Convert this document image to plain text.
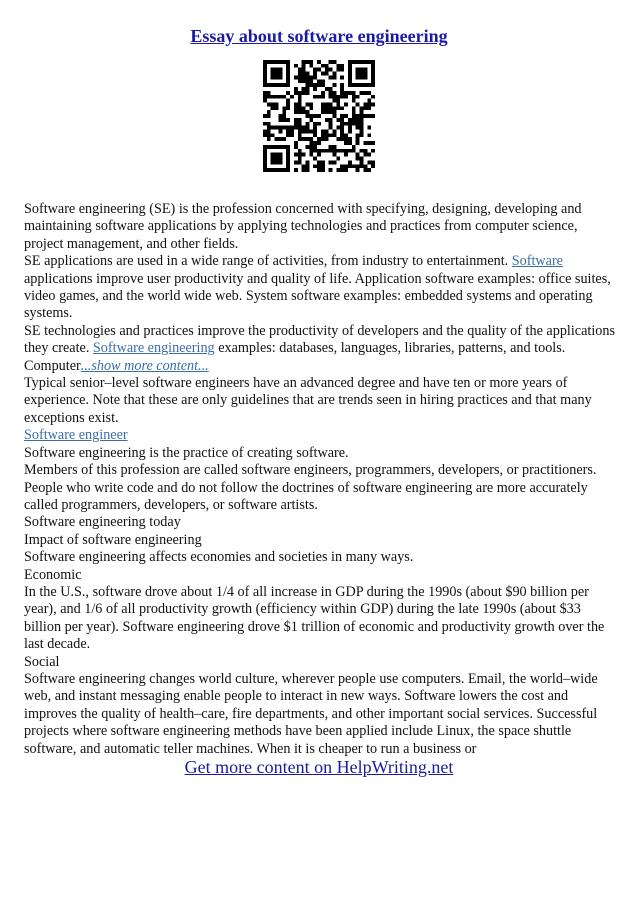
Essay about software engineering

Software engineering (SE) is the profession concerned with specifying, designing, developing and maintaining software applications by applying technologies and practices from computer science, project management, and other fields.

SE applications are used in a wide range of activities, from industry to entertainment. Software applications improve user productivity and quality of life. Application software examples: office suites, video games, and the world wide web. System software examples: embedded systems and operating systems.

SE technologies and practices improve the productivity of developers and the quality of the applications they create. Software engineering examples: databases, languages, libraries, patterns, and tools. Computer...show more content...

Typical senior–level software engineers have an advanced degree and have ten or more years of experience. Note that these are only guidelines that are trends seen in hiring practices and that many exceptions exist.

Software engineer

Software engineering is the practice of creating software.

Members of this profession are called software engineers, programmers, developers, or practitioners. People who write code and do not follow the doctrines of software engineering are more accurately called programmers, developers, or software artists.

Software engineering today

Impact of software engineering

Software engineering affects economies and societies in many ways.

Economic

In the U.S., software drove about 1/4 of all increase in GDP during the 1990s (about $90 billion per year), and 1/6 of all productivity growth (efficiency within GDP) during the late 1990s (about $33 billion per year). Software engineering drove $1 trillion of economic and productivity growth over the last decade.

Social

Software engineering changes world culture, wherever people use computers. Email, the world–wide web, and instant messaging enable people to interact in new ways. Software lowers the cost and improves the quality of health–care, fire departments, and other important social services. Successful projects where software engineering methods have been applied include Linux, the space shuttle software, and automatic teller machines. When it is cheaper to run a business or

Get more content on HelpWriting.net
